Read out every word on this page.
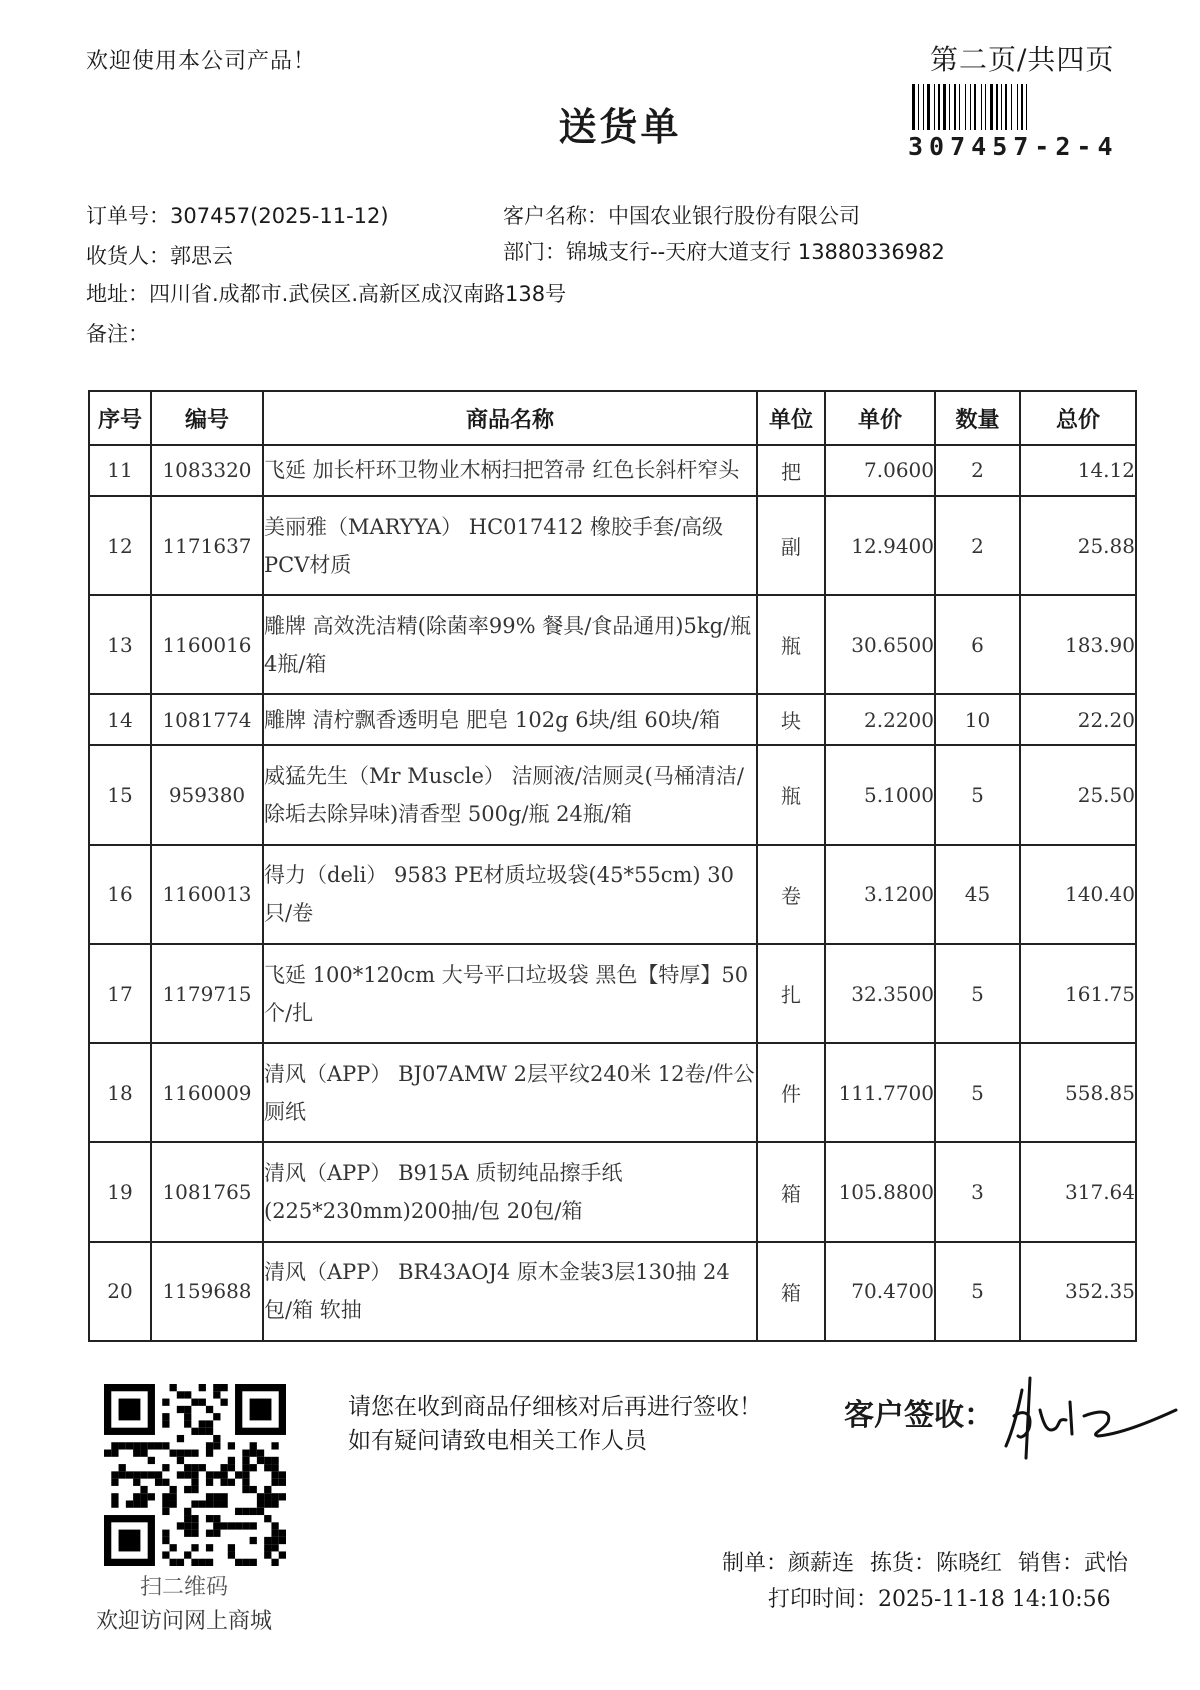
欢迎使用本公司产品！	第二页/共四页
307457-2-4
送货单
订单号：307457(2025-11-12)	客户名称：中国农业银行股份有限公司
收货人：郭思云	部门：锦城支行--天府大道支行 13880336982
地址：四川省.成都市.武侯区.高新区成汉南路138号
备注：
序号	编号	商品名称	单位	单价	数量	总价
11	1083320	飞延 加长杆环卫物业木柄扫把笤帚 红色长斜杆窄头	把	7.0600	2	14.12
12	1171637	美丽雅（MARYYA） HC017412 橡胶手套/高级PCV材质	副	12.9400	2	25.88
13	1160016	雕牌 高效洗洁精(除菌率99% 餐具/食品通用)5kg/瓶 4瓶/箱	瓶	30.6500	6	183.90
14	1081774	雕牌 清柠飘香透明皂 肥皂 102g 6块/组 60块/箱	块	2.2200	10	22.20
15	959380	威猛先生（Mr Muscle） 洁厕液/洁厕灵(马桶清洁/除垢去除异味)清香型 500g/瓶 24瓶/箱	瓶	5.1000	5	25.50
16	1160013	得力（deli） 9583 PE材质垃圾袋(45*55cm) 30只/卷	卷	3.1200	45	140.40
17	1179715	飞延 100*120cm 大号平口垃圾袋 黑色【特厚】50个/扎	扎	32.3500	5	161.75
18	1160009	清风（APP） BJ07AMW 2层平纹240米 12卷/件公厕纸	件	111.7700	5	558.85
19	1081765	清风（APP） B915A 质韧纯品擦手纸(225*230mm)200抽/包 20包/箱	箱	105.8800	3	317.64
20	1159688	清风（APP） BR43AOJ4 原木金装3层130抽 24包/箱 软抽	箱	70.4700	5	352.35
扫二维码
欢迎访问网上商城
请您在收到商品仔细核对后再进行签收！如有疑问请致电相关工作人员
客户签收：
制单：颜薪连 拣货：陈晓红 销售：武怡
打印时间：2025-11-18 14:10:56
